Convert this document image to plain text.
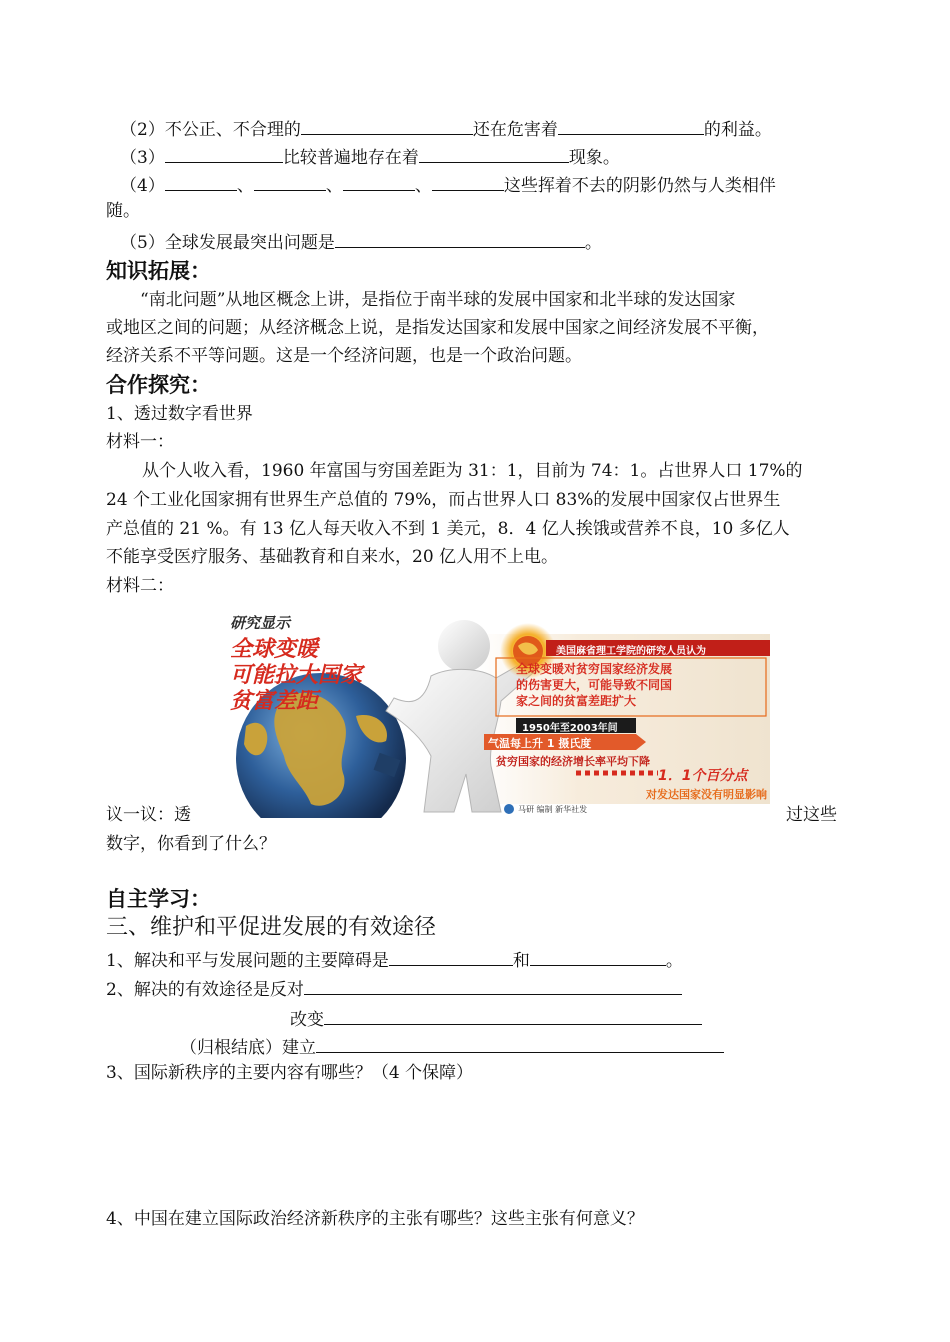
（2）不公正、不合理的	还在危害着	的利益。
（3）	比较普遍地存在着	现象。
（4）	、	、	、	这些挥着不去的阴影仍然与人类相伴
随。
（5）全球发展最突出问题是	。
知识拓展：
“南北问题”从地区概念上讲，是指位于南半球的发展中国家和北半球的发达国家
或地区之间的问题；从经济概念上说，是指发达国家和发展中国家之间经济发展不平衡，
经济关系不平等问题。这是一个经济问题，也是一个政治问题。
合作探究：
1、透过数字看世界
材料一：
从个人收入看，1960 年富国与穷国差距为 31：1，目前为 74：1。占世界人口 17%的
24 个工业化国家拥有世界生产总值的 79%，而占世界人口 83%的发展中国家仅占世界生
产总值的 21 %。有 13 亿人每天收入不到 1 美元，8．4 亿人挨饿或营养不良，10 多亿人
不能享受医疗服务、基础教育和自来水，20 亿人用不上电。
材料二：
研究显示
全球变暖
可能拉大国家
贫富差距
美国麻省理工学院的研究人员认为
全球变暖对贫穷国家经济发展
的伤害更大，可能导致不同国
家之间的贫富差距扩大
1950年至2003年间
气温每上升 1 摄氏度
贫穷国家的经济增长率平均下降
1．1个百分点
对发达国家没有明显影响
马研 编制 新华社发
议一议：透	过这些
数字，你看到了什么？
自主学习：
三、维护和平促进发展的有效途径
1、解决和平与发展问题的主要障碍是	和	。
2、解决的有效途径是反对
改变
（归根结底）建立
3、国际新秩序的主要内容有哪些？（4 个保障）
4、中国在建立国际政治经济新秩序的主张有哪些？这些主张有何意义？
